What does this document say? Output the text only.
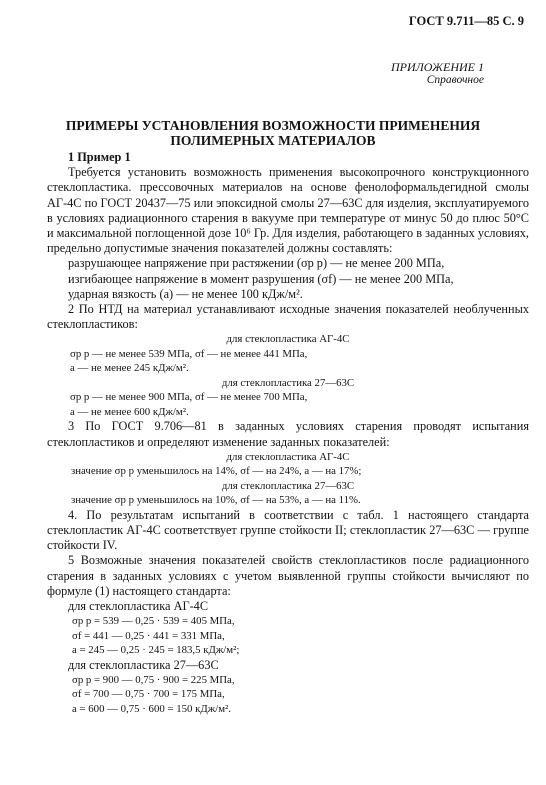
ГОСТ 9.711—85 С. 9
ПРИЛОЖЕНИЕ 1
Справочное
ПРИМЕРЫ УСТАНОВЛЕНИЯ ВОЗМОЖНОСТИ ПРИМЕНЕНИЯ
ПОЛИМЕРНЫХ МАТЕРИАЛОВ

1 Пример 1

Требуется установить возможность применения высокопрочного конструкционного стеклопластика. прессовочных материалов на основе фенолоформальдегидной смолы АГ-4С по ГОСТ 20437—75 или эпоксидной смолы 27—63С для изделия, эксплуатируемого в условиях радиационного старения в вакууме при температуре от минус 50 до плюс 50°С и максимальной поглощенной дозе 10⁶ Гр. Для изделия, работающего в заданных условиях, предельно допустимые значения показателей должны составлять:

разрушающее напряжение при растяжении (σр р) — не менее 200 МПа,

изгибающее напряжение в момент разрушения (σf) — не менее 200 МПа,

ударная вязкость (а) — не менее 100 кДж/м².

2 По НТД на материал устанавливают исходные значения показателей необлученных стеклопластиков:

для стеклопластика АГ-4С

σр р — не менее 539 МПа, σf — не менее 441 МПа,

а — не менее 245 кДж/м².

для стеклопластика 27—63С

σр р — не менее 900 МПа, σf — не менее 700 МПа,

а — не менее 600 кДж/м².

3 По ГОСТ 9.706—81 в заданных условиях старения проводят испытания стеклопластиков и определяют изменение заданных показателей:

для стеклопластика АГ-4С

значение σр р уменьшилось на 14%, σf — на 24%, а — на 17%;

для стеклопластика 27—63С

значение σр р уменьшилось на 10%, σf — на 53%, а — на 11%.

4. По результатам испытаний в соответствии с табл. 1 настоящего стандарта стеклопластик АГ-4С соответствует группе стойкости II; стеклопластик 27—63С — группе стойкости IV.

5 Возможные значения показателей свойств стеклопластиков после радиационного старения в заданных условиях с учетом выявленной группы стойкости вычисляют по формуле (1) настоящего стандарта:

для стеклопластика АГ-4С

σр р = 539 — 0,25 · 539 = 405 МПа,

σf = 441 — 0,25 · 441 = 331 МПа,

а = 245 — 0,25 · 245 = 183,5 кДж/м²;

для стеклопластика 27—63С

σр р = 900 — 0,75 · 900 = 225 МПа,

σf = 700 — 0,75 · 700 = 175 МПа,

а = 600 — 0,75 · 600 = 150 кДж/м².
